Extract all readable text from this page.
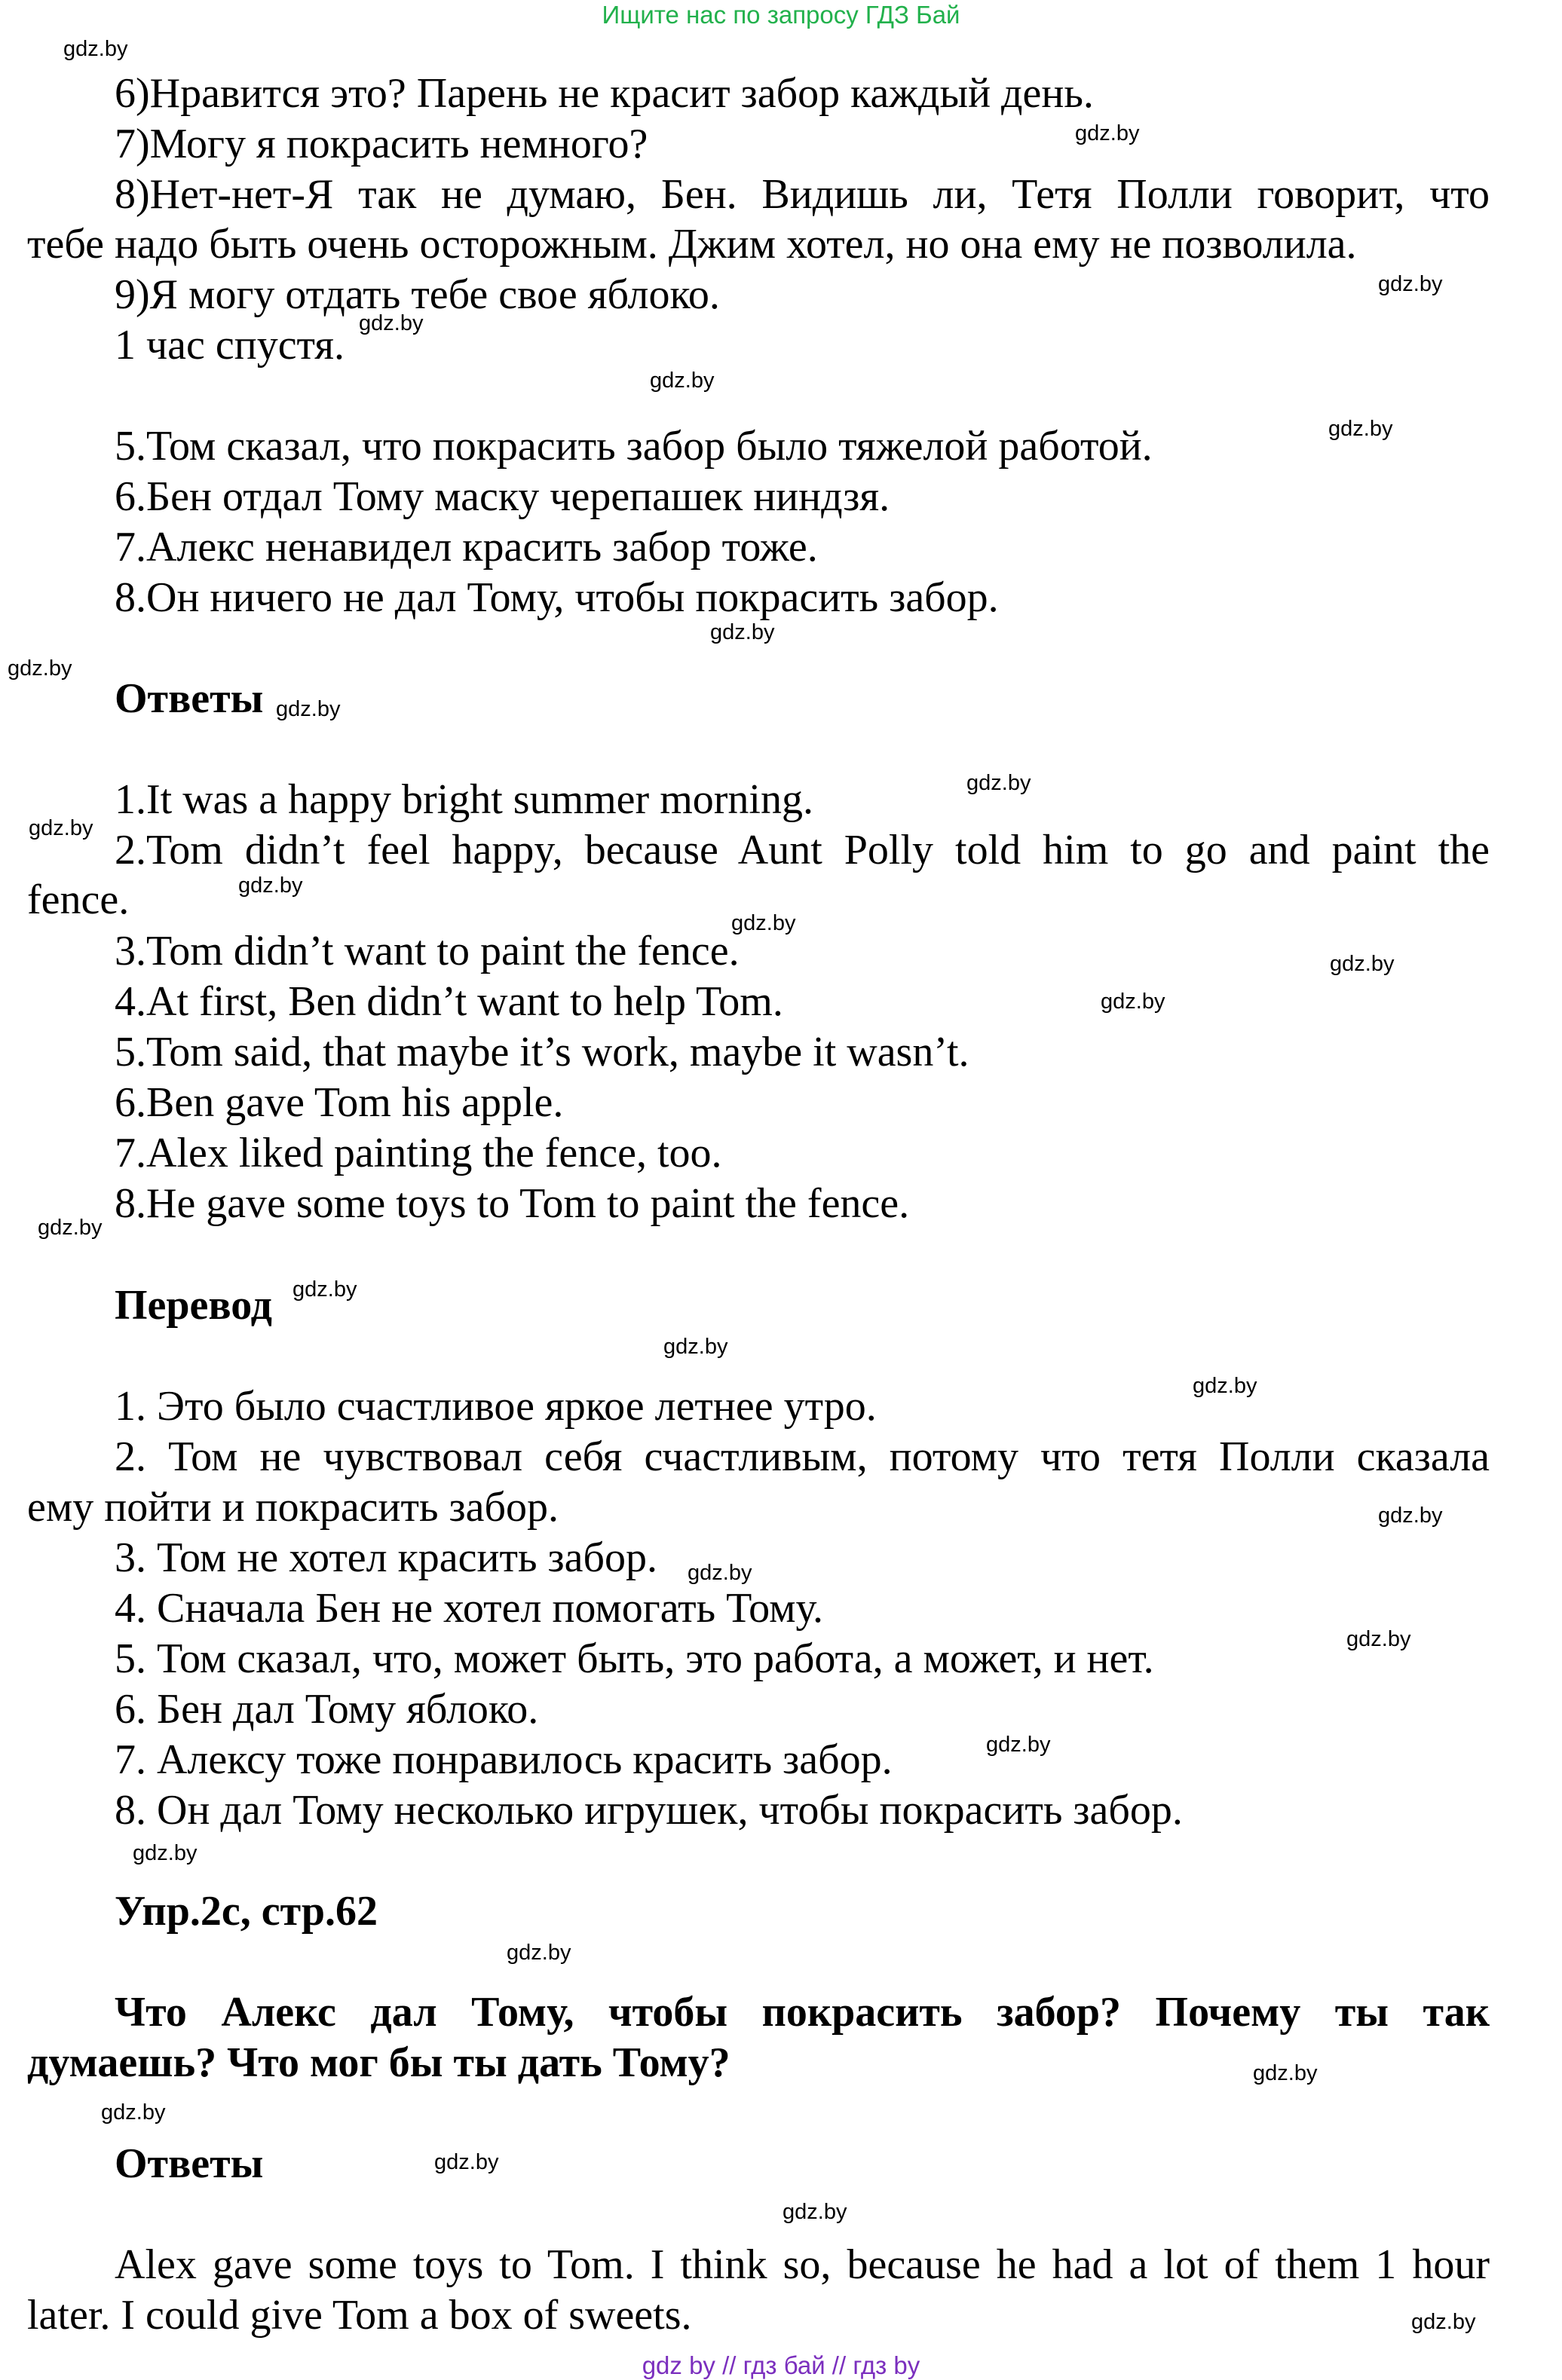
Ищите нас по запросу ГДЗ Бай

6)Нравится это? Парень не красит забор каждый день.

7)Могу я покрасить немного?

8)Нет-нет-Я так не думаю, Бен. Видишь ли, Тетя Полли говорит, что

тебе надо быть очень осторожным. Джим хотел, но она ему не позволила.

9)Я могу отдать тебе свое яблоко.

1 час спустя.

5.Том сказал, что покрасить забор было тяжелой работой.

6.Бен отдал Тому маску черепашек ниндзя.

7.Алекс ненавидел красить забор тоже.

8.Он ничего не дал Тому, чтобы покрасить забор.

Ответы

1.It was a happy bright summer morning.

2.Tom didn’t feel happy, because Aunt Polly told him to go and paint the

fence.

3.Tom didn’t want to paint the fence.

4.At first, Ben didn’t want to help Tom.

5.Tom said, that maybe it’s work, maybe it wasn’t.

6.Ben gave Tom his apple.

7.Alex liked painting the fence, too.

8.He gave some toys to Tom to paint the fence.

Перевод

1. Это было счастливое яркое летнее утро.

2. Том не чувствовал себя счастливым, потому что тетя Полли сказала

ему пойти и покрасить забор.

3. Том не хотел красить забор.

4. Сначала Бен не хотел помогать Тому.

5. Том сказал, что, может быть, это работа, а может, и нет.

6. Бен дал Тому яблоко.

7. Алексу тоже понравилось красить забор.

8. Он дал Тому несколько игрушек, чтобы покрасить забор.

Упр.2с, стр.62

Что Алекс дал Тому, чтобы покрасить забор? Почему ты так

думаешь? Что мог бы ты дать Тому?

Ответы

Alex gave some toys to Tom. I think so, because he had a lot of them 1 hour

later. I could give Tom a box of sweets.

gdz.by
gdz.by
gdz.by
gdz.by
gdz.by
gdz.by
gdz.by
gdz.by
gdz.by
gdz.by
gdz.by
gdz.by
gdz.by
gdz.by
gdz.by
gdz.by
gdz.by
gdz.by
gdz.by
gdz.by
gdz.by
gdz.by
gdz.by
gdz.by
gdz.by
gdz.by
gdz.by
gdz.by
gdz.by
gdz.by
gdz by // гдз бай // гдз by
